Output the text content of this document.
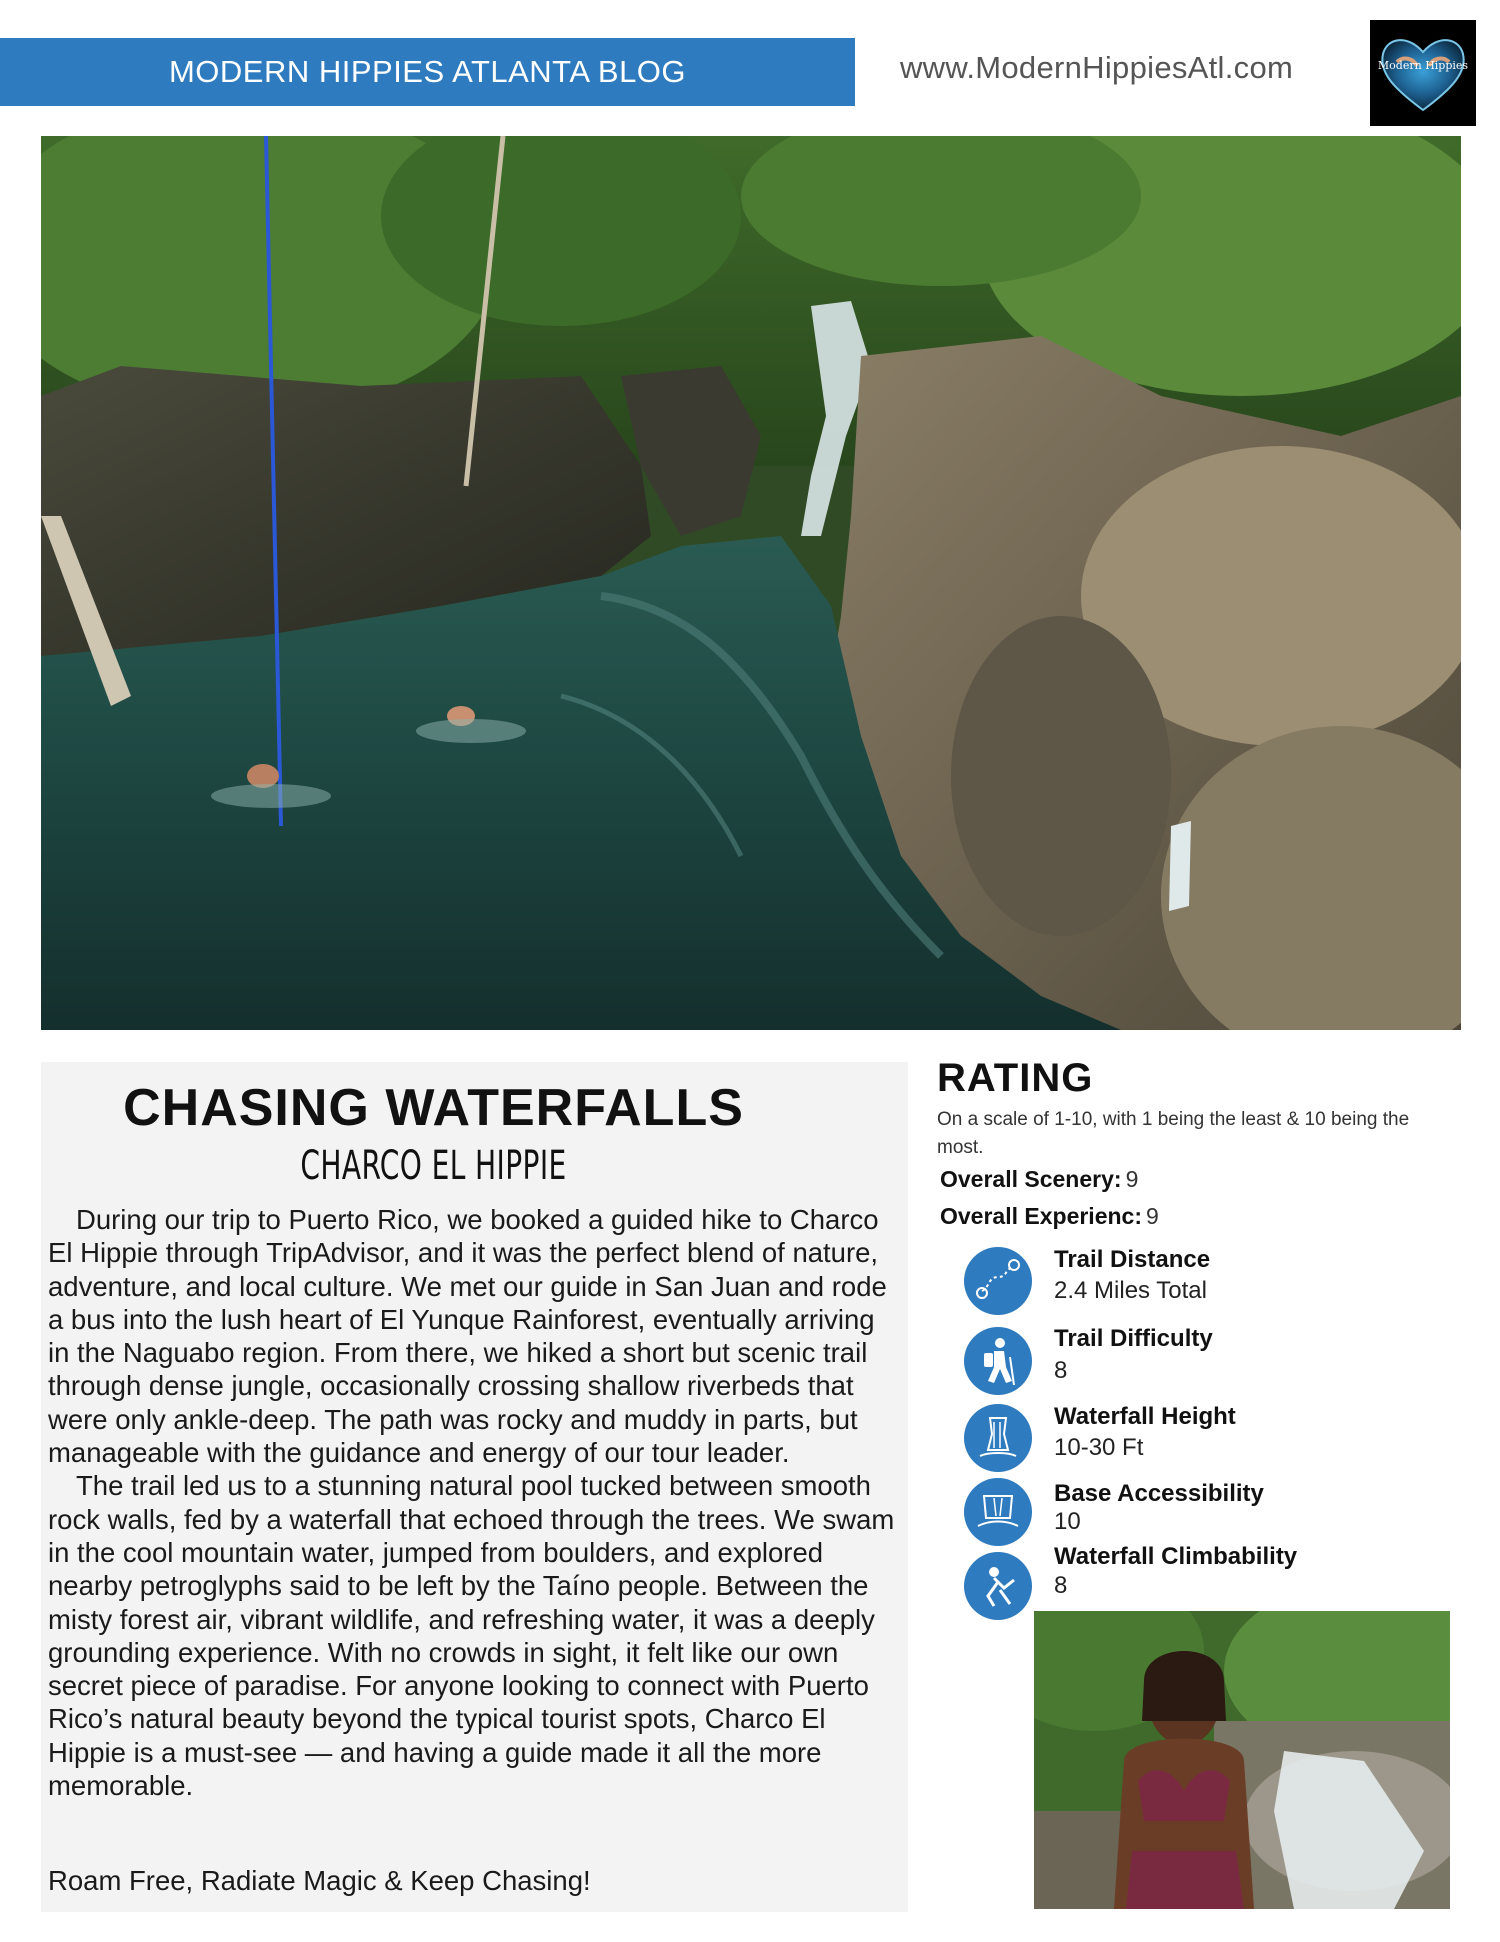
MODERN HIPPIES ATLANTA BLOG	www.ModernHippiesAtl.com	Modern Hippies
CHASING WATERFALLS
CHARCO EL HIPPIE

During our trip to Puerto Rico, we booked a guided hike to Charco El Hippie through TripAdvisor, and it was the perfect blend of nature, adventure, and local culture. We met our guide in San Juan and rode a bus into the lush heart of El Yunque Rainforest, eventually arriving in the Naguabo region. From there, we hiked a short but scenic trail through dense jungle, occasionally crossing shallow riverbeds that were only ankle-deep. The path was rocky and muddy in parts, but manageable with the guidance and energy of our tour leader.

The trail led us to a stunning natural pool tucked between smooth rock walls, fed by a waterfall that echoed through the trees. We swam in the cool mountain water, jumped from boulders, and explored nearby petroglyphs said to be left by the Taíno people. Between the misty forest air, vibrant wildlife, and refreshing water, it was a deeply grounding experience. With no crowds in sight, it felt like our own secret piece of paradise. For anyone looking to connect with Puerto Rico’s natural beauty beyond the typical tourist spots, Charco El Hippie is a must-see — and having a guide made it all the more memorable.

Roam Free, Radiate Magic & Keep Chasing!
RATING
On a scale of 1-10, with 1 being the least & 10 being the most.
Overall Scenery: 9
Overall Experienc: 9
Trail Distance
2.4 Miles Total
Trail Difficulty
8
Waterfall Height
10-30 Ft
Base Accessibility
10
Waterfall Climbability
8
